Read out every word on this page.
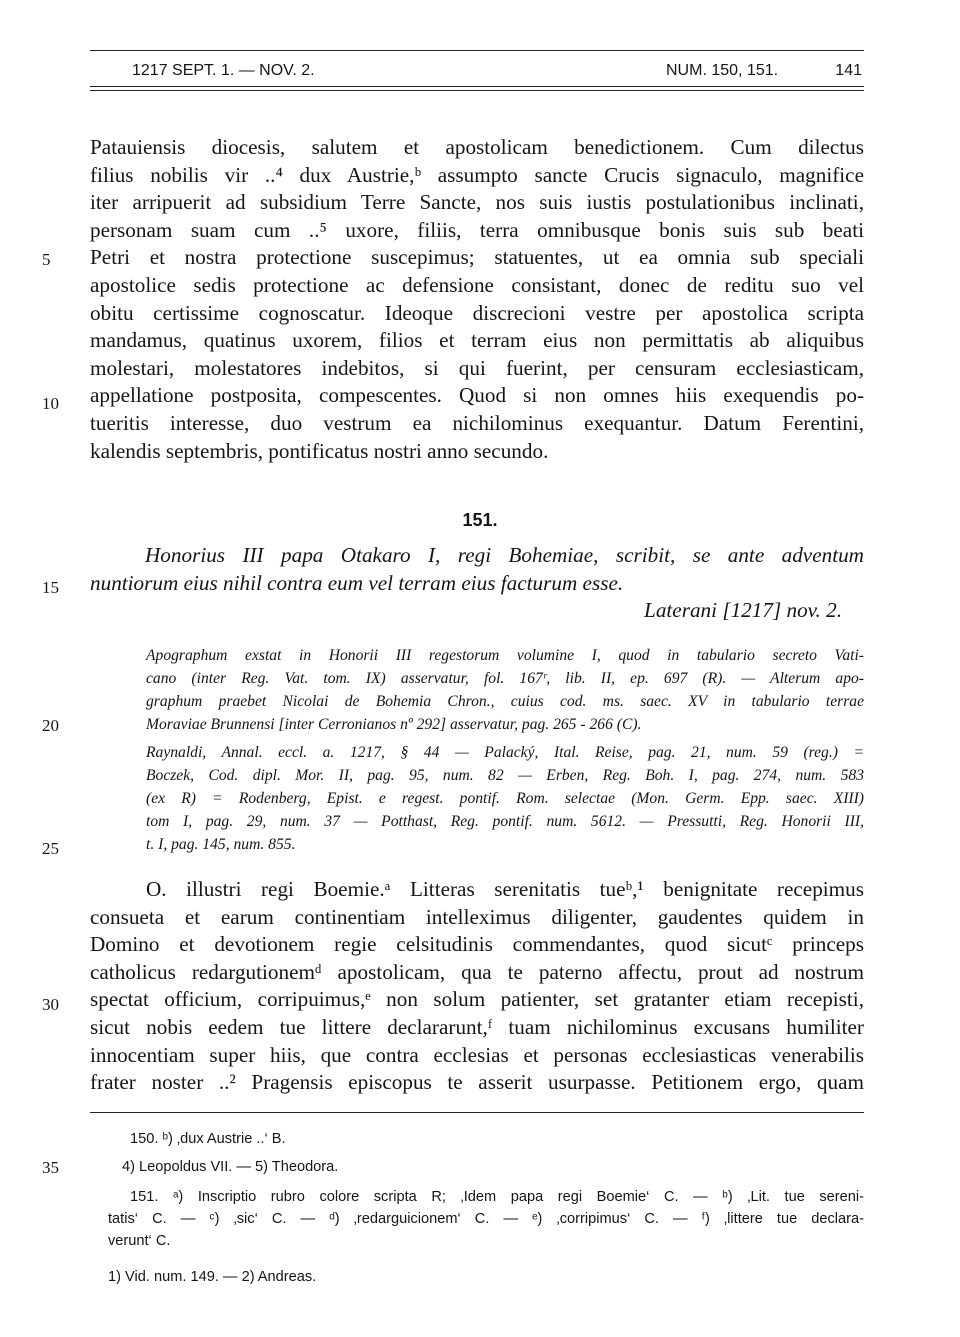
1217 SEPT. 1. — NOV. 2.	NUM. 150, 151.	141
Patauiensis diocesis, salutem et apostolicam benedictionem. Cum dilectus
filius nobilis vir ..⁴ dux Austrie,ᵇ assumpto sancte Crucis signaculo, magnifice
iter arripuerit ad subsidium Terre Sancte, nos suis iustis postulationibus inclinati,
personam suam cum ..⁵ uxore, filiis, terra omnibusque bonis suis sub beati
Petri et nostra protectione suscepimus; statuentes, ut ea omnia sub speciali
apostolice sedis protectione ac defensione consistant, donec de reditu suo vel
obitu certissime cognoscatur. Ideoque discrecioni vestre per apostolica scripta
mandamus, quatinus uxorem, filios et terram eius non permittatis ab aliquibus
molestari, molestatores indebitos, si qui fuerint, per censuram ecclesiasticam,
appellatione postposita, compescentes. Quod si non omnes hiis exequendis po-
tueritis interesse, duo vestrum ea nichilominus exequantur. Datum Ferentini,
kalendis septembris, pontificatus nostri anno secundo.
5
10
15
20
25
30
35
151.
Honorius III papa Otakaro I, regi Bohemiae, scribit, se ante adventum
nuntiorum eius nihil contra eum vel terram eius facturum esse.
Laterani [1217] nov. 2.
Apographum exstat in Honorii III regestorum volumine I, quod in tabulario secreto Vati-
cano (inter Reg. Vat. tom. IX) asservatur, fol. 167ʳ, lib. II, ep. 697 (R). — Alterum apo-
graphum praebet Nicolai de Bohemia Chron., cuius cod. ms. saec. XV in tabulario terrae
Moraviae Brunnensi [inter Cerronianos nº 292] asservatur, pag. 265 - 266 (C).
Raynaldi, Annal. eccl. a. 1217, § 44 — Palacký, Ital. Reise, pag. 21, num. 59 (reg.) =
Boczek, Cod. dipl. Mor. II, pag. 95, num. 82 — Erben, Reg. Boh. I, pag. 274, num. 583
(ex R) = Rodenberg, Epist. e regest. pontif. Rom. selectae (Mon. Germ. Epp. saec. XIII)
tom I, pag. 29, num. 37 — Potthast, Reg. pontif. num. 5612. — Pressutti, Reg. Honorii III,
t. I, pag. 145, num. 855.
O. illustri regi Boemie.ᵃ Litteras serenitatis tueᵇ,¹ benignitate recepimus
consueta et earum continentiam intelleximus diligenter, gaudentes quidem in
Domino et devotionem regie celsitudinis commendantes, quod sicutᶜ princeps
catholicus redargutionemᵈ apostolicam, qua te paterno affectu, prout ad nostrum
spectat officium, corripuimus,ᵉ non solum patienter, set gratanter etiam recepisti,
sicut nobis eedem tue littere declararunt,ᶠ tuam nichilominus excusans humiliter
innocentiam super hiis, que contra ecclesias et personas ecclesiasticas venerabilis
frater noster ..² Pragensis episcopus te asserit usurpasse. Petitionem ergo, quam
150. ᵇ) ‚dux Austrie ..‘ B.
4) Leopoldus VII. — 5) Theodora.
151. ᵃ) Inscriptio rubro colore scripta R; ‚Idem papa regi Boemie‘ C. — ᵇ) ‚Lit. tue sereni-
tatis‘ C. — ᶜ) ‚sic‘ C. — ᵈ) ‚redarguicionem‘ C. — ᵉ) ‚corripimus‘ C. — ᶠ) ‚littere tue declara-
verunt‘ C.
1) Vid. num. 149. — 2) Andreas.
